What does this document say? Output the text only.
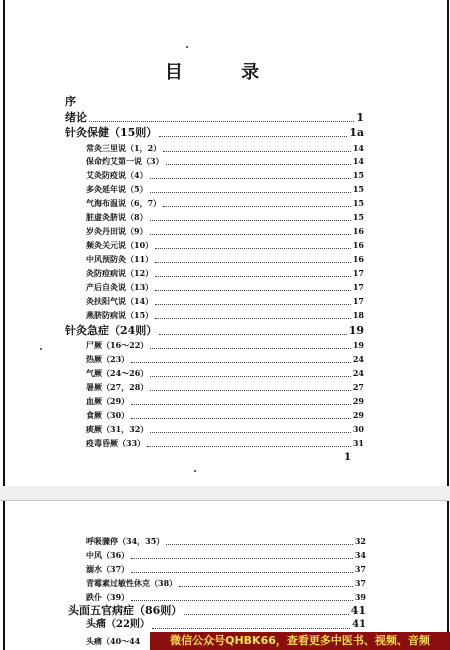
目 录
序
绪论	1
针灸保健（15则）	1a
常灸三里说（1，2）	14
保命灼艾第一说（3）	14
艾灸防疫说（4）	15
多灸延年说（5）	15
气海布温说（6，7）	15
脏虚灸脐说（8）	15
岁灸丹田说（9）	16
频灸关元说（10）	16
中风预防灸（11）	16
灸防痘病说（12）	17
产后自灸说（13）	17
灸扶阳气说（14）	17
燕脐防病说（15）	18
针灸急症（24则）	19
尸厥（16～22）	19
热厥（23）	24
气厥（24～26）	24
暑厥（27，28）	27
血厥（29）	29
食厥（30）	29
痰厥（31，32）	30
疫毒昏厥（33）	31
1
呼吸骤停（34，35）	32
中风（36）	34
溺水（37）	37
青霉素过敏性休克（38）	37
跌仆（39）	39
头面五官病症（86则）	41
头痛（22则）	41
头痛（40～44	微信公众号QHBK66，查看更多中医书、视频、音频
